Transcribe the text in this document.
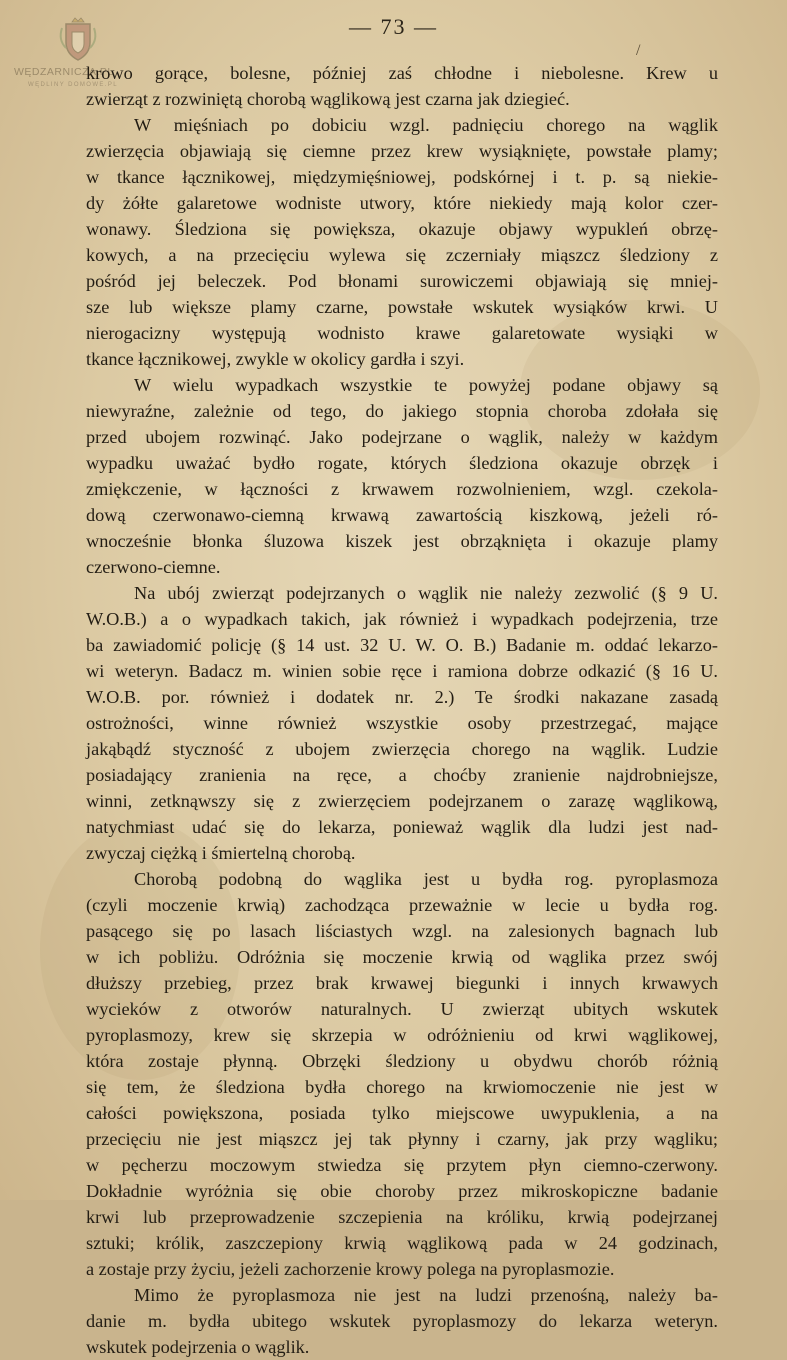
WĘDZARNICZA.PL
WĘDLINY DOMOWE.PL
— 73 —
/
krowo gorące, bolesne, później zaś chłodne i niebolesne. Krew u
zwierząt z rozwiniętą chorobą wąglikową jest czarna jak dziegieć.
W mięśniach po dobiciu wzgl. padnięciu chorego na wąglik
zwierzęcia objawiają się ciemne przez krew wysiąknięte, powstałe plamy;
w tkance łącznikowej, międzymięśniowej, podskórnej i t. p. są niekie-
dy żółte galaretowe wodniste utwory, które niekiedy mają kolor czer-
wonawy. Śledziona się powiększa, okazuje objawy wypukleń obrzę-
kowych, a na przecięciu wylewa się zczerniały miąszcz śledziony z
pośród jej beleczek. Pod błonami surowiczemi objawiają się mniej-
sze lub większe plamy czarne, powstałe wskutek wysiąków krwi. U
nierogacizny występują wodnisto krawe galaretowate wysiąki w
tkance łącznikowej, zwykle w okolicy gardła i szyi.
W wielu wypadkach wszystkie te powyżej podane objawy są
niewyraźne, zależnie od tego, do jakiego stopnia choroba zdołała się
przed ubojem rozwinąć. Jako podejrzane o wąglik, należy w każdym
wypadku uważać bydło rogate, których śledziona okazuje obrzęk i
zmiękczenie, w łączności z krwawem rozwolnieniem, wzgl. czekola-
dową czerwonawo-ciemną krwawą zawartością kiszkową, jeżeli ró-
wnocześnie błonka śluzowa kiszek jest obrząknięta i okazuje plamy
czerwono-ciemne.
Na ubój zwierząt podejrzanych o wąglik nie należy zezwolić (§ 9 U.
W.O.B.) a o wypadkach takich, jak również i wypadkach podejrzenia, trze
ba zawiadomić policję (§ 14 ust. 32 U. W. O. B.) Badanie m. oddać lekarzo-
wi weteryn. Badacz m. winien sobie ręce i ramiona dobrze odkazić (§ 16 U.
W.O.B. por. również i dodatek nr. 2.) Te środki nakazane zasadą
ostrożności, winne również wszystkie osoby przestrzegać, mające
jakąbądź styczność z ubojem zwierzęcia chorego na wąglik. Ludzie
posiadający zranienia na ręce, a choćby zranienie najdrobniejsze,
winni, zetknąwszy się z zwierzęciem podejrzanem o zarazę wąglikową,
natychmiast udać się do lekarza, ponieważ wąglik dla ludzi jest nad-
zwyczaj ciężką i śmiertelną chorobą.
Chorobą podobną do wąglika jest u bydła rog. pyroplasmoza
(czyli moczenie krwią) zachodząca przeważnie w lecie u bydła rog.
pasącego się po lasach liściastych wzgl. na zalesionych bagnach lub
w ich pobliżu. Odróżnia się moczenie krwią od wąglika przez swój
dłuższy przebieg, przez brak krwawej biegunki i innych krwawych
wycieków z otworów naturalnych. U zwierząt ubitych wskutek
pyroplasmozy, krew się skrzepia w odróżnieniu od krwi wąglikowej,
która zostaje płynną. Obrzęki śledziony u obydwu chorób różnią
się tem, że śledziona bydła chorego na krwiomoczenie nie jest w
całości powiększona, posiada tylko miejscowe uwypuklenia, a na
przecięciu nie jest miąszcz jej tak płynny i czarny, jak przy wągliku;
w pęcherzu moczowym stwiedza się przytem płyn ciemno-czerwony.
Dokładnie wyróżnia się obie choroby przez mikroskopiczne badanie
krwi lub przeprowadzenie szczepienia na króliku, krwią podejrzanej
sztuki; królik, zaszczepiony krwią wąglikową pada w 24 godzinach,
a zostaje przy życiu, jeżeli zachorzenie krowy polega na pyroplasmozie.
Mimo że pyroplasmoza nie jest na ludzi przenośną, należy ba-
danie m. bydła ubitego wskutek pyroplasmozy do lekarza weteryn.
wskutek podejrzenia o wąglik.
